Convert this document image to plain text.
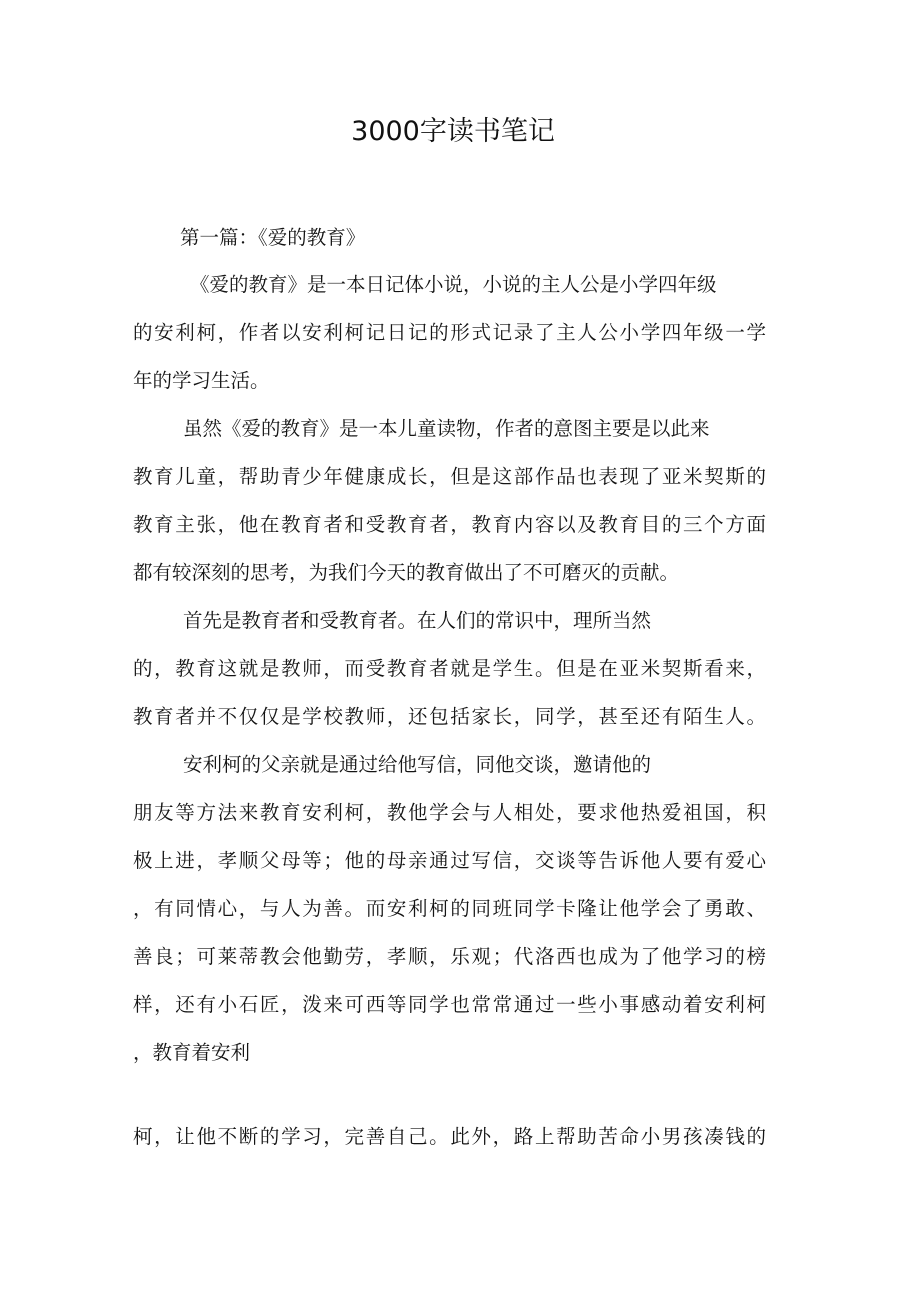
3000字读书笔记
第一篇：《爱的教育》
《爱的教育》是一本日记体小说，小说的主人公是小学四年级
的安利柯，作者以安利柯记日记的形式记录了主人公小学四年级一学
年的学习生活。
虽然《爱的教育》是一本儿童读物，作者的意图主要是以此来
教育儿童，帮助青少年健康成长，但是这部作品也表现了亚米契斯的
教育主张，他在教育者和受教育者，教育内容以及教育目的三个方面
都有较深刻的思考，为我们今天的教育做出了不可磨灭的贡献。
首先是教育者和受教育者。在人们的常识中，理所当然
的，教育这就是教师，而受教育者就是学生。但是在亚米契斯看来，
教育者并不仅仅是学校教师，还包括家长，同学，甚至还有陌生人。
安利柯的父亲就是通过给他写信，同他交谈，邀请他的
朋友等方法来教育安利柯，教他学会与人相处，要求他热爱祖国，积
极上进，孝顺父母等；他的母亲通过写信，交谈等告诉他人要有爱心
，有同情心，与人为善。而安利柯的同班同学卡隆让他学会了勇敢、
善良；可莱蒂教会他勤劳，孝顺，乐观；代洛西也成为了他学习的榜
样，还有小石匠，泼来可西等同学也常常通过一些小事感动着安利柯
，教育着安利
柯，让他不断的学习，完善自己。此外，路上帮助苦命小男孩凑钱的
